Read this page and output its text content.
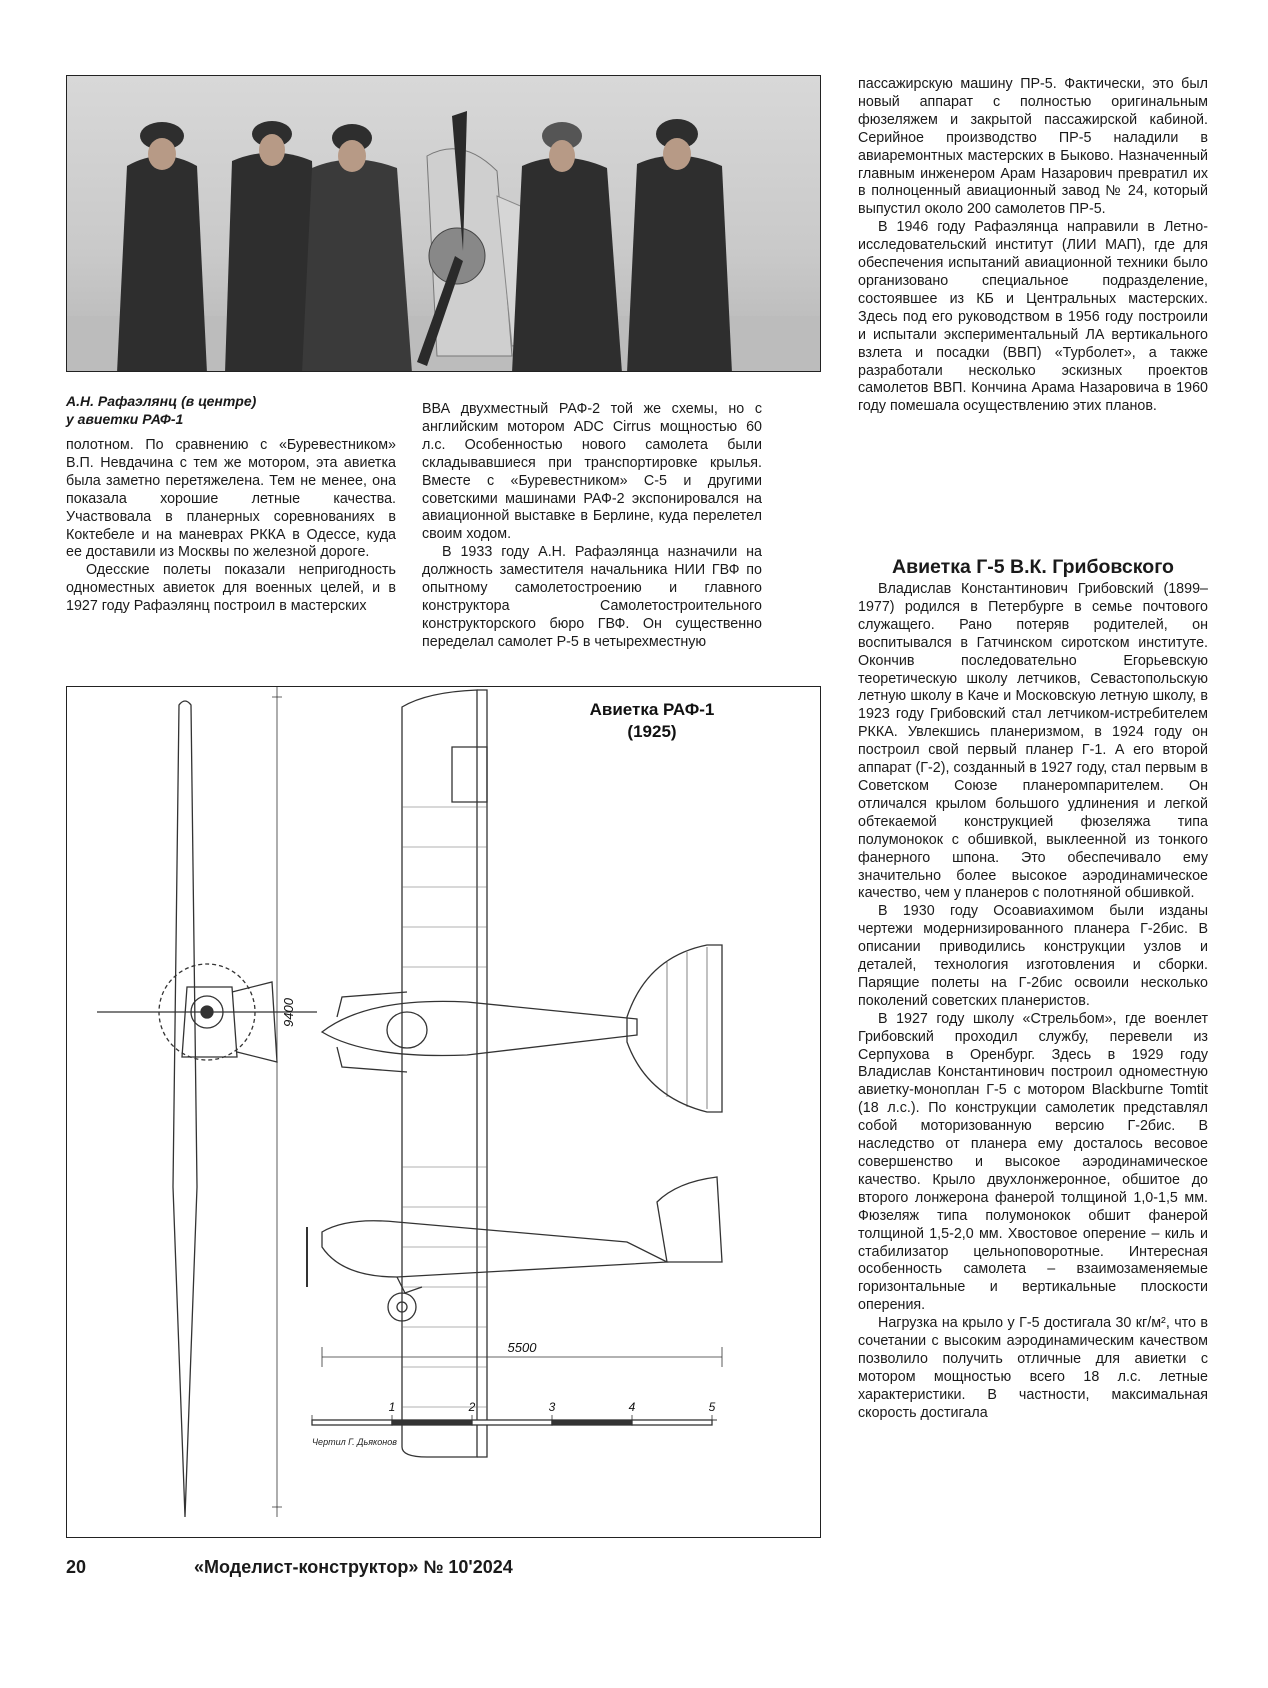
А.Н. Рафаэлянц (в центре)
у авиетки РАФ-1

полотном. По сравнению с «Буревестником» В.П. Невдачина с тем же мотором, эта авиетка была заметно перетяжелена. Тем не менее, она показала хорошие летные качества. Участвовала в планерных соревнованиях в Коктебеле и на маневрах РККА в Одессе, куда ее доставили из Москвы по железной дороге.

Одесские полеты показали непригодность одноместных авиеток для военных целей, и в 1927 году Рафаэлянц построил в мастерских

ВВА двухместный РАФ-2 той же схемы, но с английским мотором ADC Cirrus мощностью 60 л.с. Особенностью нового самолета были складывавшиеся при транспортировке крылья. Вместе с «Буревестником» С-5 и другими советскими машинами РАФ-2 экспонировался на авиационной выставке в Берлине, куда перелетел своим ходом.

В 1933 году А.Н. Рафаэлянца назначили на должность заместителя начальника НИИ ГВФ по опытному самолетостроению и главного конструктора Самолетостроительного конструкторского бюро ГВФ. Он существенно переделал самолет Р-5 в четырехместную

пассажирскую машину ПР-5. Фактически, это был новый аппарат с полностью оригинальным фюзеляжем и закрытой пассажирской кабиной. Серийное производство ПР-5 наладили в авиаремонтных мастерских в Быково. Назначенный главным инженером Арам Назарович превратил их в полноценный авиационный завод № 24, который выпустил около 200 самолетов ПР-5.

В 1946 году Рафаэлянца направили в Летно-исследовательский институт (ЛИИ МАП), где для обеспечения испытаний авиационной техники было организовано специальное подразделение, состоявшее из КБ и Центральных мастерских. Здесь под его руководством в 1956 году построили и испытали экспериментальный ЛА вертикального взлета и посадки (ВВП) «Турболет», а также разработали несколько эскизных проектов самолетов ВВП. Кончина Арама Назаровича в 1960 году помешала осуществлению этих планов.

Авиетка Г-5 В.К. Грибовского

Владислав Константинович Грибовский (1899–1977) родился в Петербурге в семье почтового служащего. Рано потеряв родителей, он воспитывался в Гатчинском сиротском институте. Окончив последовательно Егорьевскую теоретическую школу летчиков, Севастопольскую летную школу в Каче и Московскую летную школу, в 1923 году Грибовский стал летчиком-истребителем РККА. Увлекшись планеризмом, в 1924 году он построил свой первый планер Г-1. А его второй аппарат (Г-2), созданный в 1927 году, стал первым в Советском Союзе планеромпарителем. Он отличался крылом большого удлинения и легкой обтекаемой конструкцией фюзеляжа типа полумонокок с обшивкой, выклеенной из тонкого фанерного шпона. Это обеспечивало ему значительно более высокое аэродинамическое качество, чем у планеров с полотняной обшивкой.

В 1930 году Осоавиахимом были изданы чертежи модернизированного планера Г-2бис. В описании приводились конструкции узлов и деталей, технология изготовления и сборки. Парящие полеты на Г-2бис освоили несколько поколений советских планеристов.

В 1927 году школу «Стрельбом», где военлет Грибовский проходил службу, перевели из Серпухова в Оренбург. Здесь в 1929 году Владислав Константинович построил одноместную авиетку-моноплан Г-5 с мотором Blackburne Tomtit (18 л.с.). По конструкции самолетик представлял собой моторизованную версию Г-2бис. В наследство от планера ему досталось весовое совершенство и высокое аэродинамическое качество. Крыло двухлонжеронное, обшитое до второго лонжерона фанерой толщиной 1,0-1,5 мм. Фюзеляж типа полумонокок обшит фанерой толщиной 1,5-2,0 мм. Хвостовое оперение – киль и стабилизатор цельноповоротные. Интересная особенность самолета – взаимозаменяемые горизонтальные и вертикальные плоскости оперения.

Нагрузка на крыло у Г-5 достигала 30 кг/м², что в сочетании с высоким аэродинамическим качеством позволило получить отличные для авиетки с мотором мощностью всего 18 л.с. летные характеристики. В частности, максимальная скорость достигала

Авиетка РАФ-1
(1925)
9400
5500
1	2	3	4	5
Чертил Г. Дьяконов
20	«Моделист-конструктор» № 10'2024
